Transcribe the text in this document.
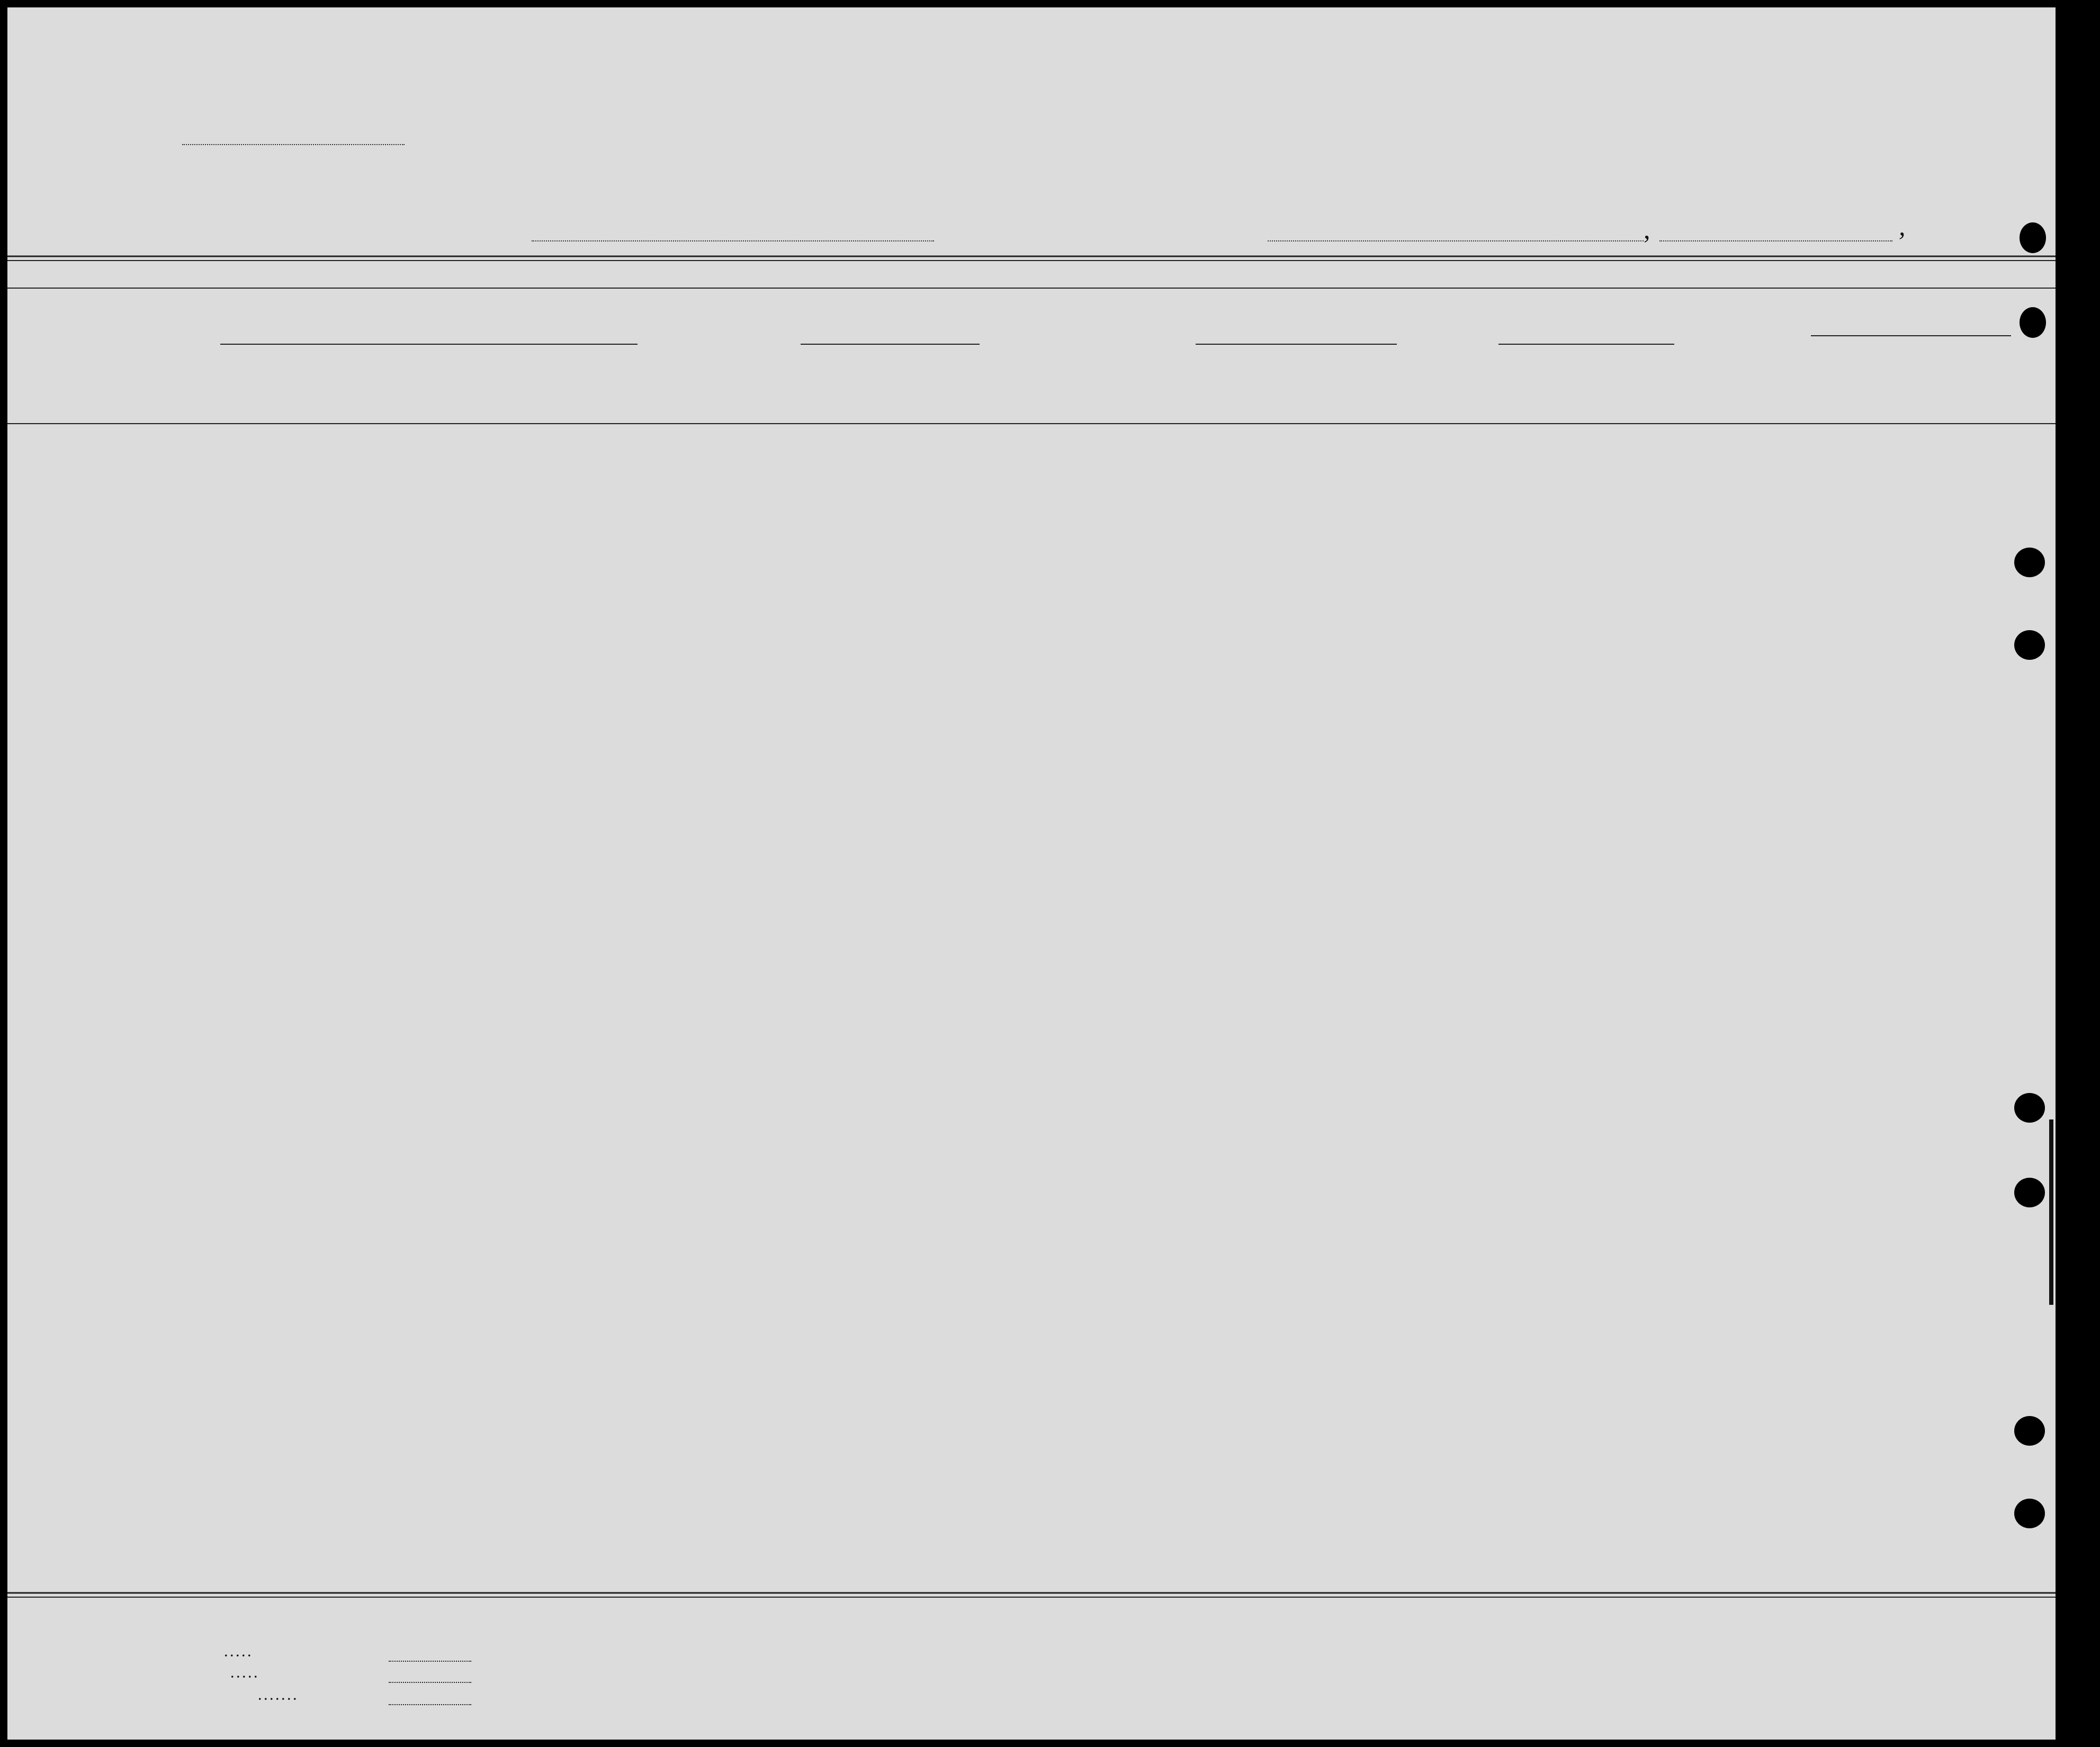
,	,
. . . . .
. . . . .
. . . . . . .
